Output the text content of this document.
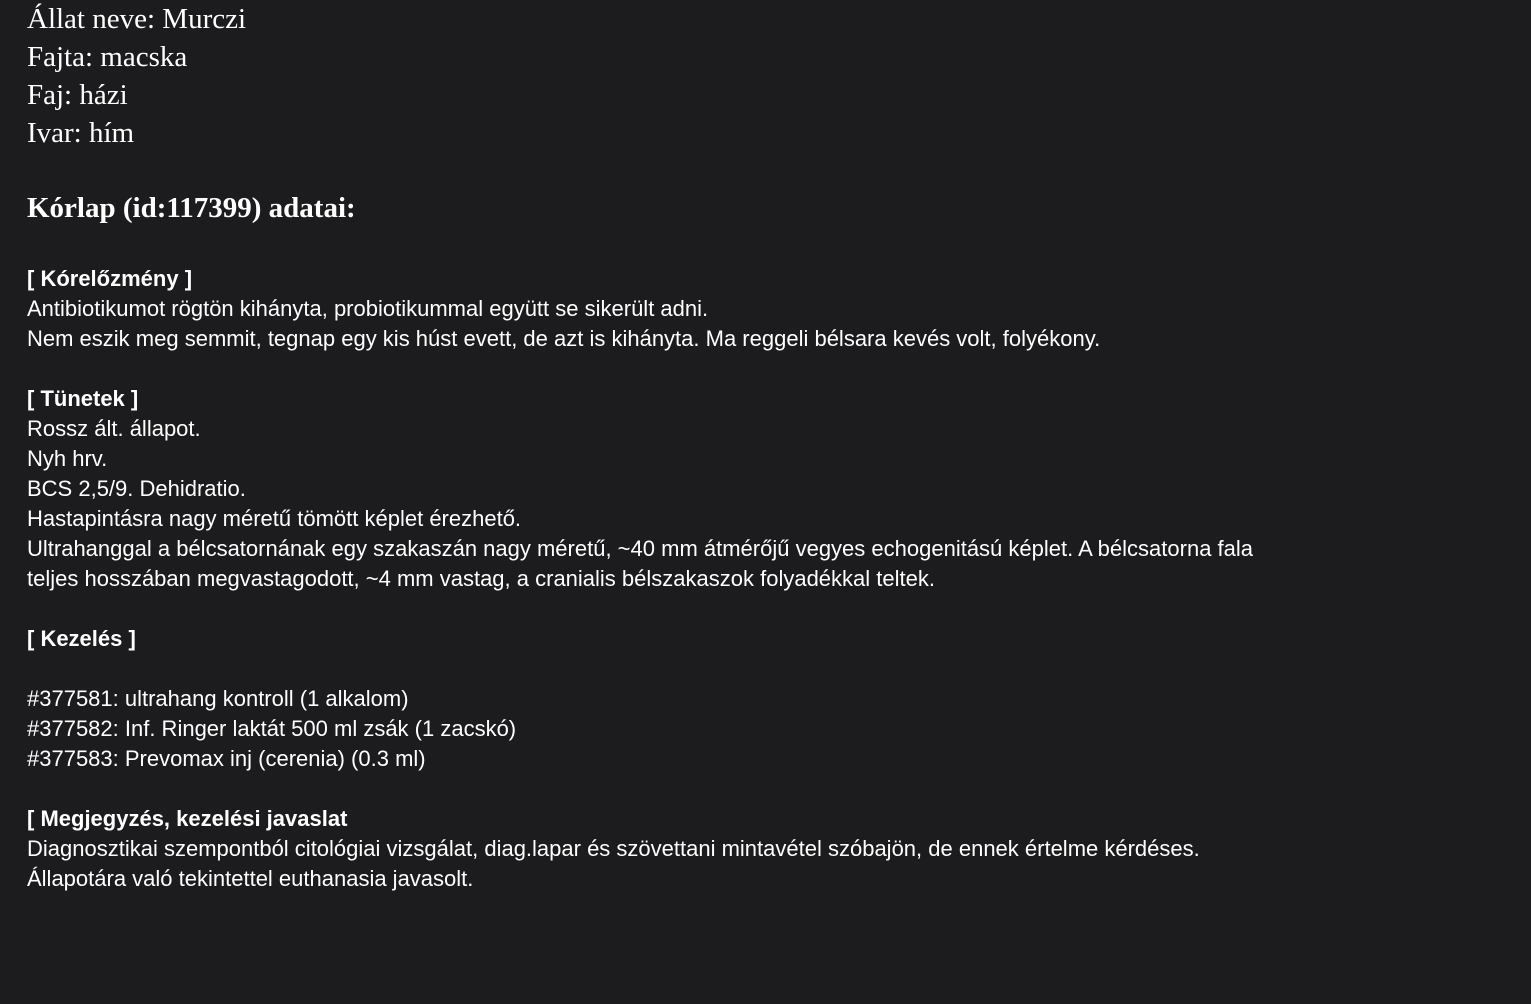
Állat neve: Murczi
Fajta: macska
Faj: házi
Ivar: hím
Kórlap (id:117399) adatai:
[ Kórelőzmény ]
Antibiotikumot rögtön kihányta, probiotikummal együtt se sikerült adni.
Nem eszik meg semmit, tegnap egy kis húst evett, de azt is kihányta. Ma reggeli bélsara kevés volt, folyékony.
[ Tünetek ]
Rossz ált. állapot.
Nyh hrv.
BCS 2,5/9. Dehidratio.
Hastapintásra nagy méretű tömött képlet érezhető.
Ultrahanggal a bélcsatornának egy szakaszán nagy méretű, ~40 mm átmérőjű vegyes echogenitású képlet. A bélcsatorna fala
teljes hosszában megvastagodott, ~4 mm vastag, a cranialis bélszakaszok folyadékkal teltek.
[ Kezelés ]
#377581: ultrahang kontroll (1 alkalom)
#377582: Inf. Ringer laktát 500 ml zsák (1 zacskó)
#377583: Prevomax inj (cerenia) (0.3 ml)
[ Megjegyzés, kezelési javaslat
Diagnosztikai szempontból citológiai vizsgálat, diag.lapar és szövettani mintavétel szóbajön, de ennek értelme kérdéses.
Állapotára való tekintettel euthanasia javasolt.
